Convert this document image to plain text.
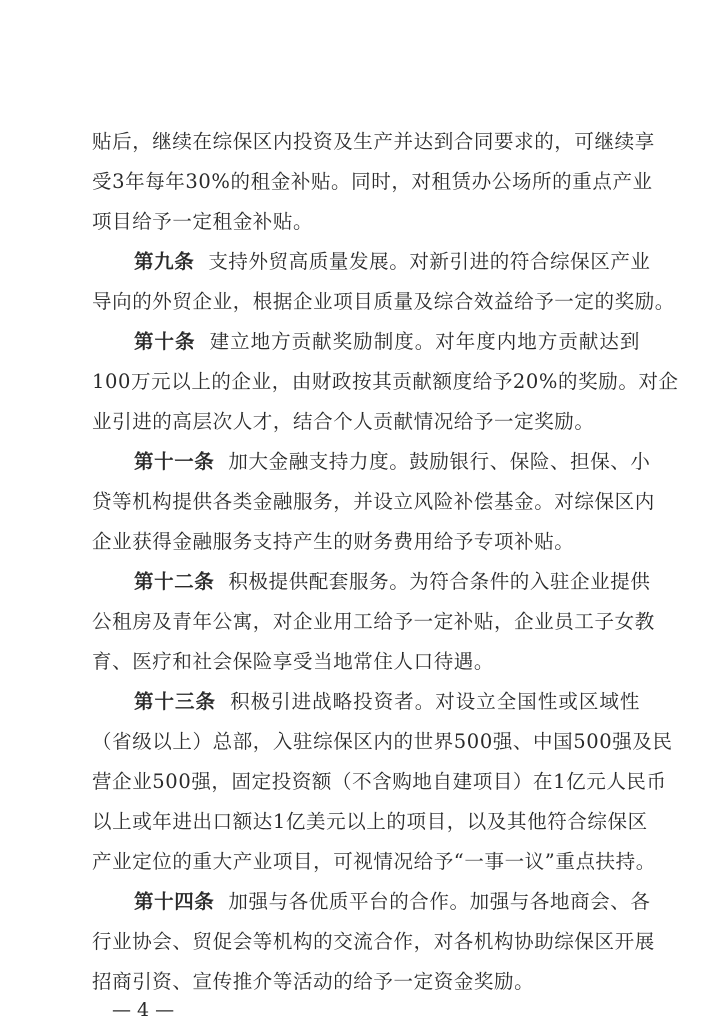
贴后，继续在综保区内投资及生产并达到合同要求的，可继续享
受3年每年30%的租金补贴。同时，对租赁办公场所的重点产业
项目给予一定租金补贴。
第九条 支持外贸高质量发展。对新引进的符合综保区产业
导向的外贸企业，根据企业项目质量及综合效益给予一定的奖励。
第十条 建立地方贡献奖励制度。对年度内地方贡献达到
100万元以上的企业，由财政按其贡献额度给予20%的奖励。对企
业引进的高层次人才，结合个人贡献情况给予一定奖励。
第十一条 加大金融支持力度。鼓励银行、保险、担保、小
贷等机构提供各类金融服务，并设立风险补偿基金。对综保区内
企业获得金融服务支持产生的财务费用给予专项补贴。
第十二条 积极提供配套服务。为符合条件的入驻企业提供
公租房及青年公寓，对企业用工给予一定补贴，企业员工子女教
育、医疗和社会保险享受当地常住人口待遇。
第十三条 积极引进战略投资者。对设立全国性或区域性
（省级以上）总部，入驻综保区内的世界500强、中国500强及民
营企业500强，固定投资额（不含购地自建项目）在1亿元人民币
以上或年进出口额达1亿美元以上的项目，以及其他符合综保区
产业定位的重大产业项目，可视情况给予“一事一议”重点扶持。
第十四条 加强与各优质平台的合作。加强与各地商会、各
行业协会、贸促会等机构的交流合作，对各机构协助综保区开展
招商引资、宣传推介等活动的给予一定资金奖励。
— 4 —
